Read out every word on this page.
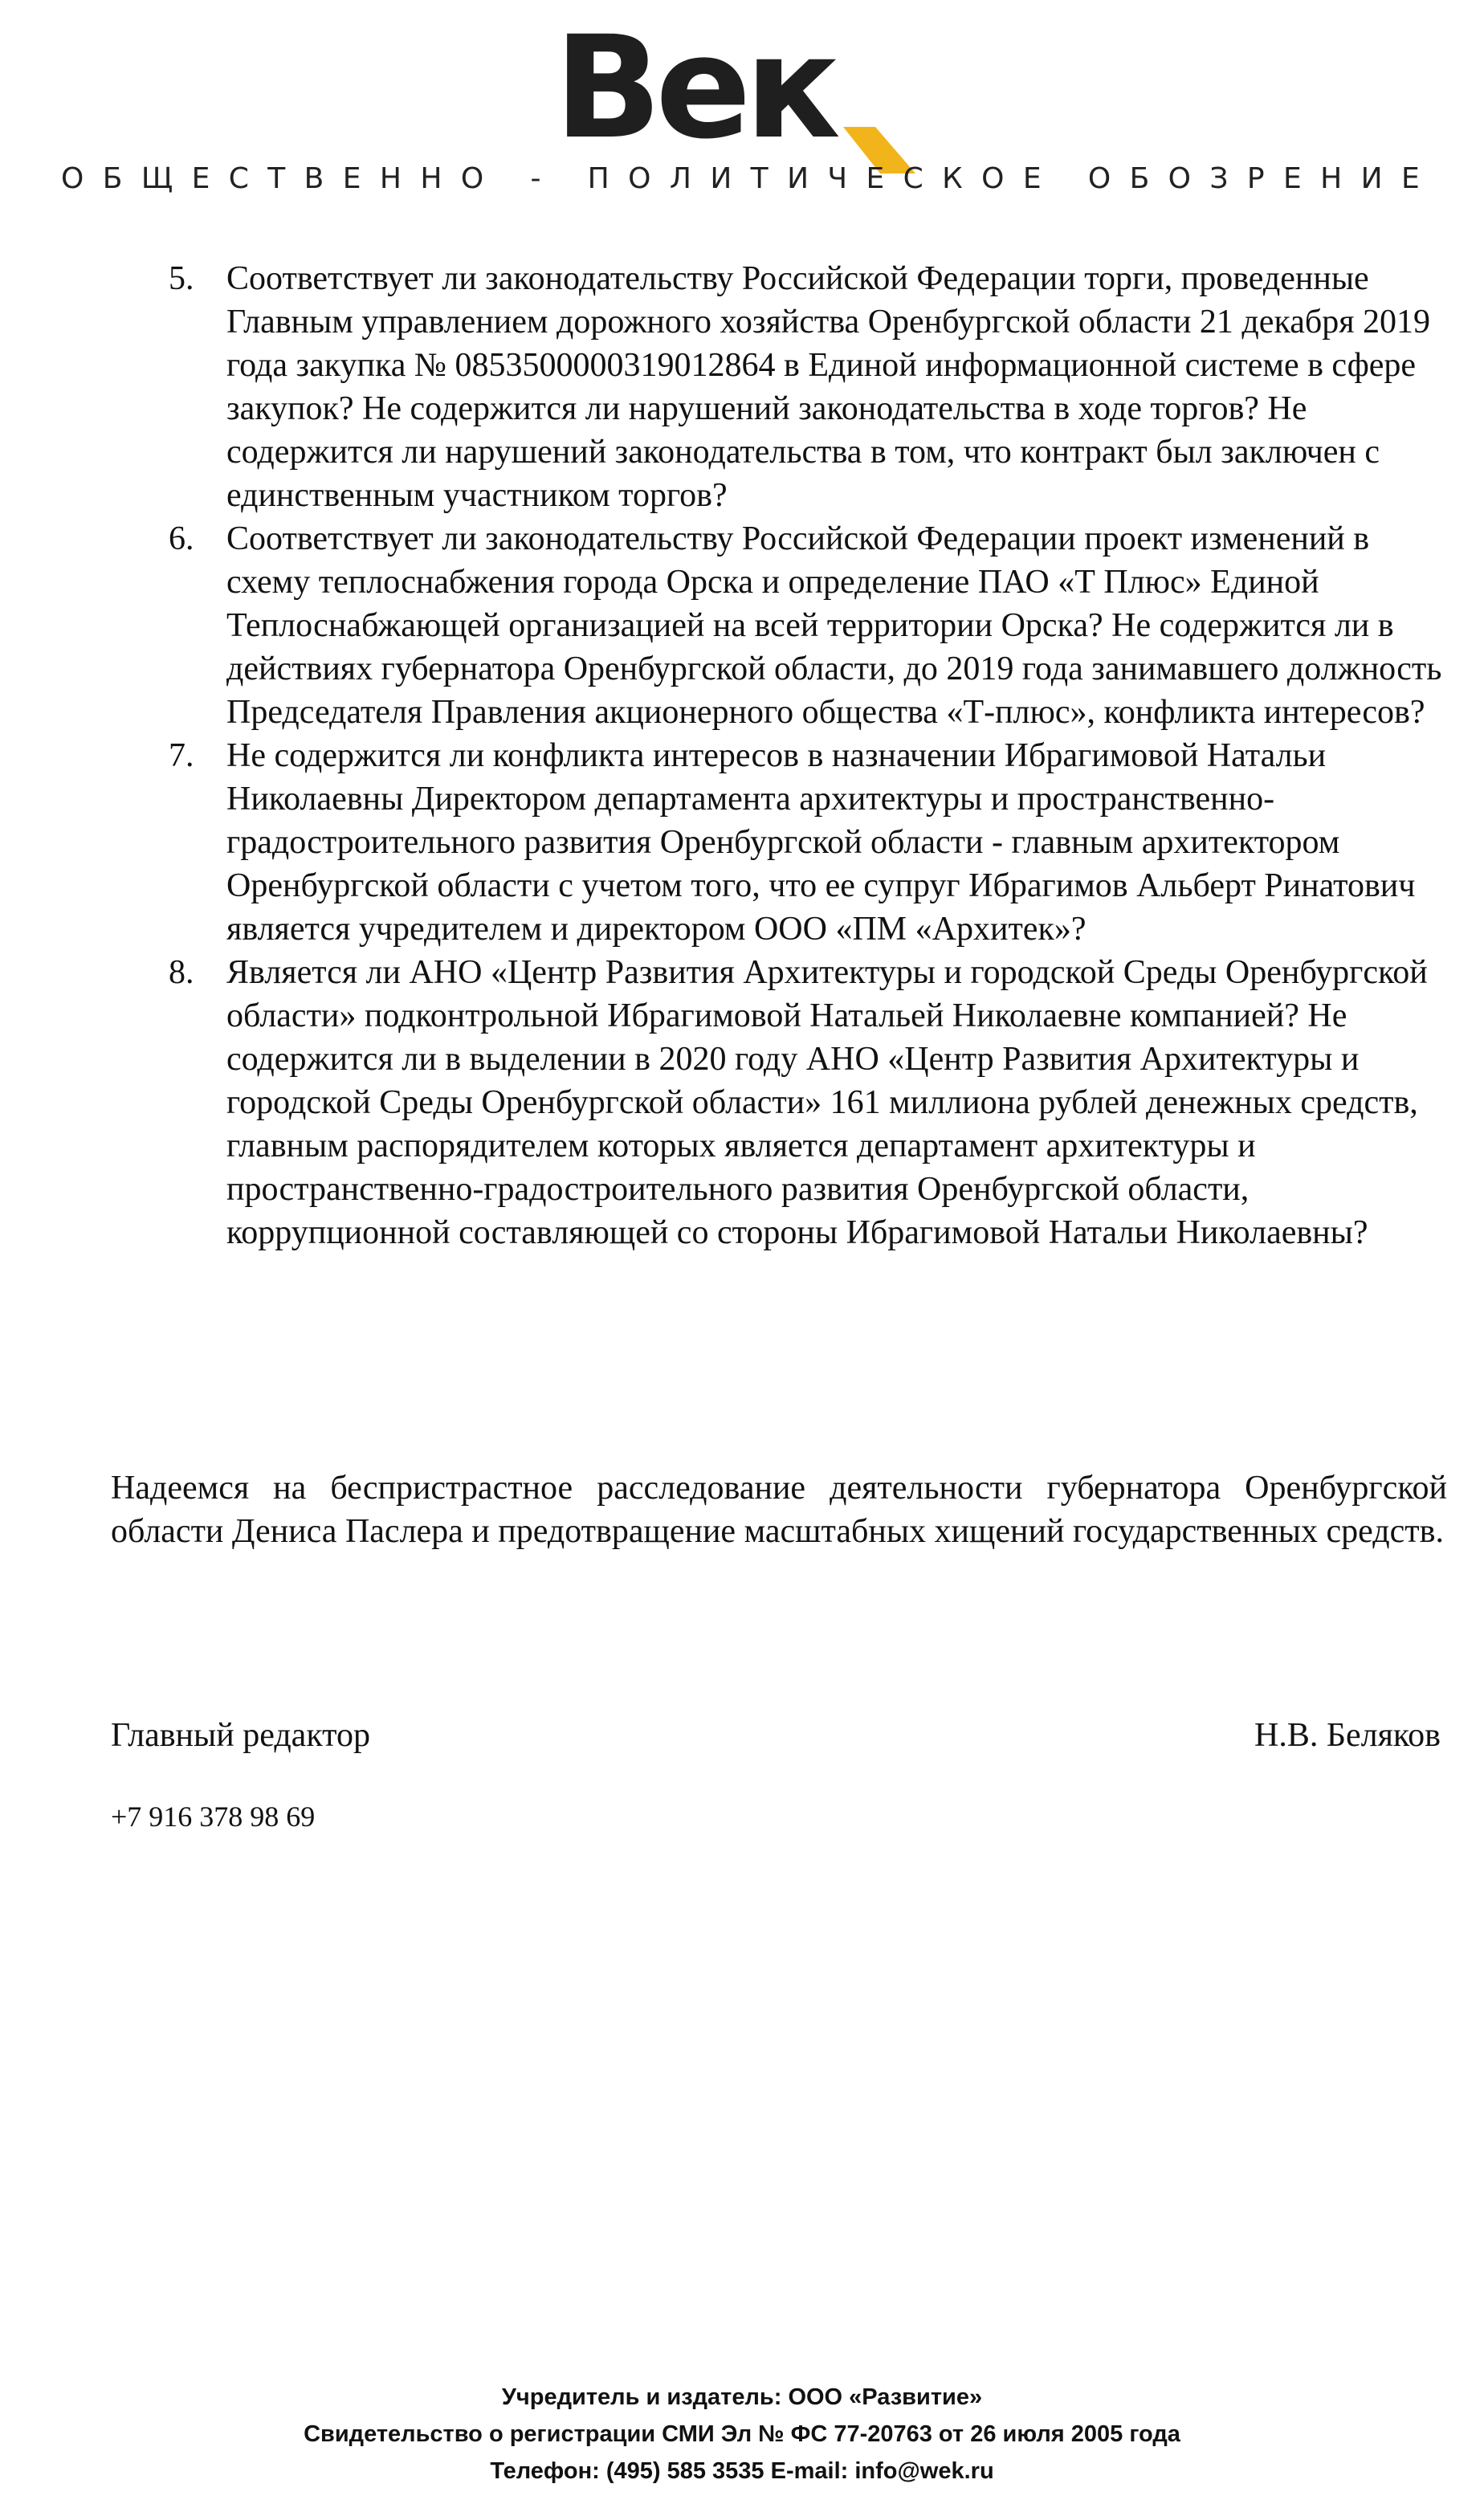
Век
ОБЩЕСТВЕННО - ПОЛИТИЧЕСКОЕ ОБОЗРЕНИЕ
5. Соответствует ли законодательству Российской Федерации торги, проведенные Главным управлением дорожного хозяйства Оренбургской области 21 декабря 2019 года закупка № 0853500000319012864 в Единой информационной системе в сфере закупок? Не содержится ли нарушений законодательства в ходе торгов? Не содержится ли нарушений законодательства в том, что контракт был заключен с единственным участником торгов?
6. Соответствует ли законодательству Российской Федерации проект изменений в схему теплоснабжения города Орска и определение ПАО «Т Плюс» Единой Теплоснабжающей организацией на всей территории Орска? Не содержится ли в действиях губернатора Оренбургской области, до 2019 года занимавшего должность Председателя Правления акционерного общества «Т-плюс», конфликта интересов?
7. Не содержится ли конфликта интересов в назначении Ибрагимовой Натальи Николаевны Директором департамента архитектуры и пространственно-градостроительного развития Оренбургской области - главным архитектором Оренбургской области с учетом того, что ее супруг Ибрагимов Альберт Ринатович является учредителем и директором ООО «ПМ «Архитек»?
8. Является ли АНО «Центр Развития Архитектуры и городской Среды Оренбургской области» подконтрольной Ибрагимовой Натальей Николаевне компанией? Не содержится ли в выделении в 2020 году АНО «Центр Развития Архитектуры и городской Среды Оренбургской области» 161 миллиона рублей денежных средств, главным распорядителем которых является департамент архитектуры и пространственно-градостроительного развития Оренбургской области, коррупционной составляющей со стороны Ибрагимовой Натальи Николаевны?

Надеемся на беспристрастное расследование деятельности губернатора Оренбургской области Дениса Паслера и предотвращение масштабных хищений государственных средств.

Главный редактор	Н.В. Беляков
+7 916 378 98 69
Учредитель и издатель: ООО «Развитие»
Свидетельство о регистрации СМИ Эл № ФС 77-20763 от 26 июля 2005 года
Телефон: (495) 585 3535 E-mail: info@wek.ru
